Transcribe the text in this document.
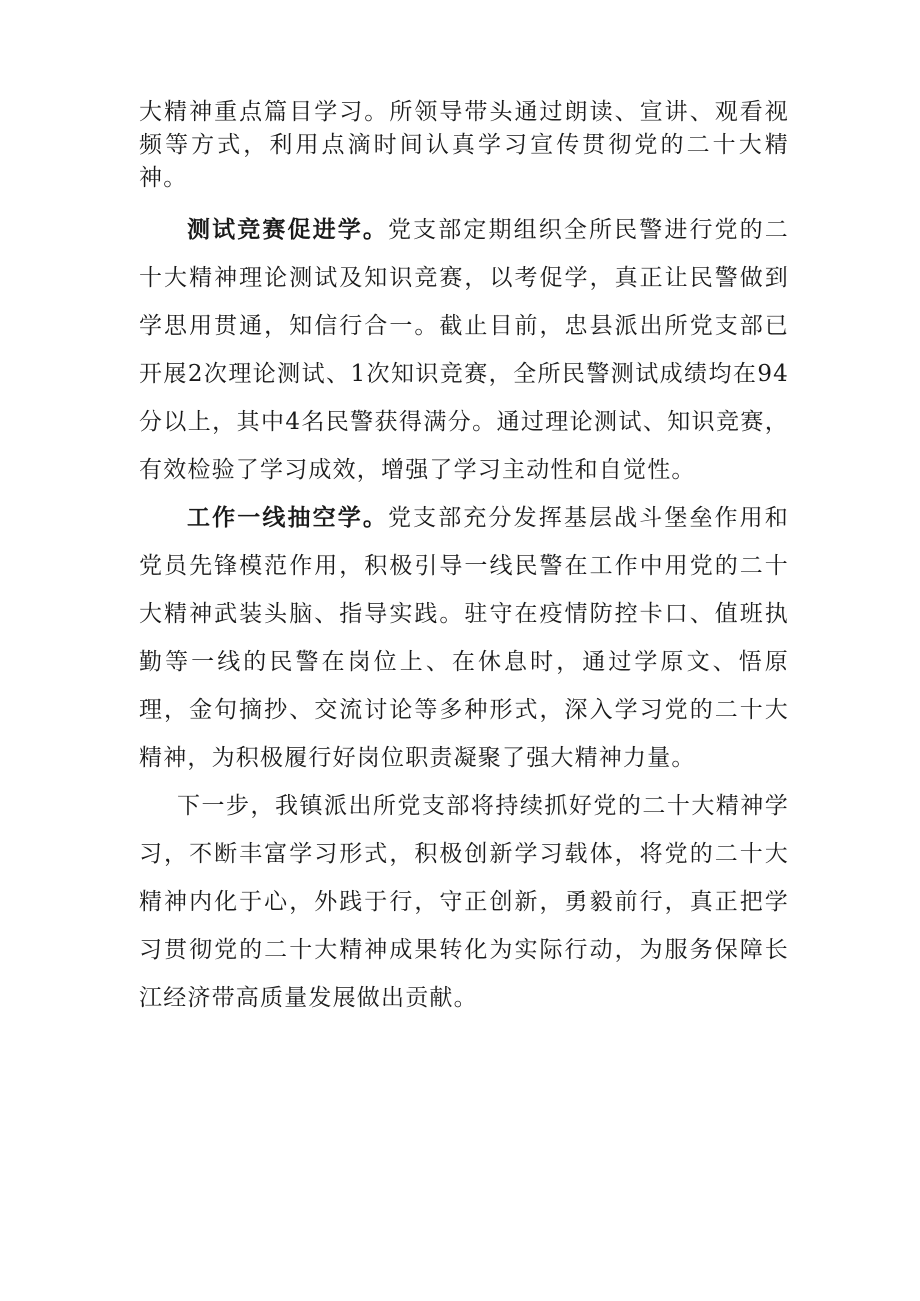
大精神重点篇目学习。所领导带头通过朗读、宣讲、观看视频等方式，利用点滴时间认真学习宣传贯彻党的二十大精神。

测试竞赛促进学。党支部定期组织全所民警进行党的二十大精神理论测试及知识竞赛，以考促学，真正让民警做到学思用贯通，知信行合一。截止目前，忠县派出所党支部已开展2次理论测试、1次知识竞赛，全所民警测试成绩均在94分以上，其中4名民警获得满分。通过理论测试、知识竞赛，有效检验了学习成效，增强了学习主动性和自觉性。

工作一线抽空学。党支部充分发挥基层战斗堡垒作用和党员先锋模范作用，积极引导一线民警在工作中用党的二十大精神武装头脑、指导实践。驻守在疫情防控卡口、值班执勤等一线的民警在岗位上、在休息时，通过学原文、悟原理，金句摘抄、交流讨论等多种形式，深入学习党的二十大精神，为积极履行好岗位职责凝聚了强大精神力量。

下一步，我镇派出所党支部将持续抓好党的二十大精神学习，不断丰富学习形式，积极创新学习载体，将党的二十大精神内化于心，外践于行，守正创新，勇毅前行，真正把学习贯彻党的二十大精神成果转化为实际行动，为服务保障长江经济带高质量发展做出贡献。
